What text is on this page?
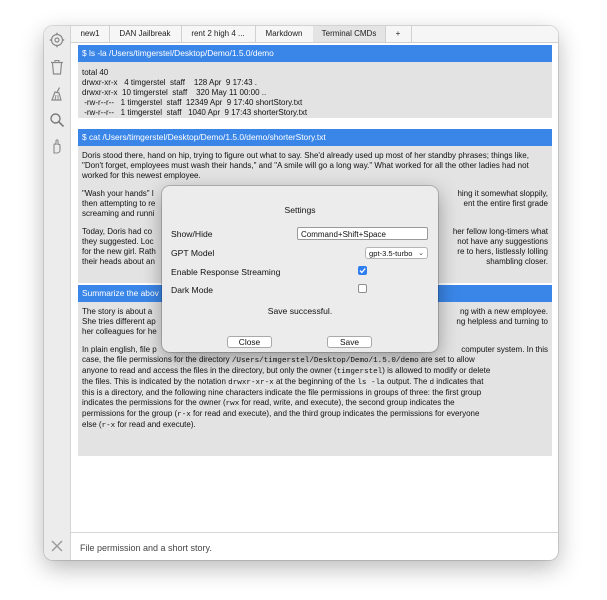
new1	DAN Jailbreak	rent 2 high 4 ...	Markdown	Terminal CMDs	+
$ ls -la /Users/timgerstel/Desktop/Demo/1.5.0/demo
total 40
drwxr-xr-x   4 timgerstel  staff    128 Apr  9 17:43 .
drwxr-xr-x  10 timgerstel  staff    320 May 11 00:00 ..
-rw-r--r--   1 timgerstel  staff  12349 Apr  9 17:40 shortStory.txt
-rw-r--r--   1 timgerstel  staff   1040 Apr  9 17:43 shorterStory.txt
$ cat /Users/timgerstel/Desktop/Demo/1.5.0/demo/shorterStory.txt

Doris stood there, hand on hip, trying to figure out what to say. She'd already used up most of her standby phrases; things like, "Don't forget, employees must wash their hands," and "A smile will go a long way." What worked for all the other ladies had not worked for this newest employee.

"Wash your hands" l
then attempting to re
screaming and runni
hing it somewhat sloppily,
ent the entire first grade
Today, Doris had co
they suggested. Loc
for the new girl. Rath
their heads about an
her fellow long-timers what
not have any suggestions
re to hers, listlessly lolling
shambling closer.
Summarize the abov
The story is about a
She tries different ap
her colleagues for he
ng with a new employee.
ng helpless and turning to
In plain english, file p	computer system. In this
case, the file permissions for the directory /Users/timgerstel/Desktop/Demo/1.5.0/demo are set to allow
anyone to read and access the files in the directory, but only the owner (timgerstel) is allowed to modify or delete
the files. This is indicated by the notation drwxr-xr-x at the beginning of the ls -la output. The d indicates that
this is a directory, and the following nine characters indicate the file permissions in groups of three: the first group
indicates the permissions for the owner (rwx for read, write, and execute), the second group indicates the
permissions for the group (r-x for read and execute), and the third group indicates the permissions for everyone
else (r-x for read and execute).
File permission and a short story.
Settings
Show/Hide	Command+Shift+Space
GPT Model	gpt-3.5-turbo ⌄
Enable Response Streaming
Dark Mode
Save successful.
Close	Save
